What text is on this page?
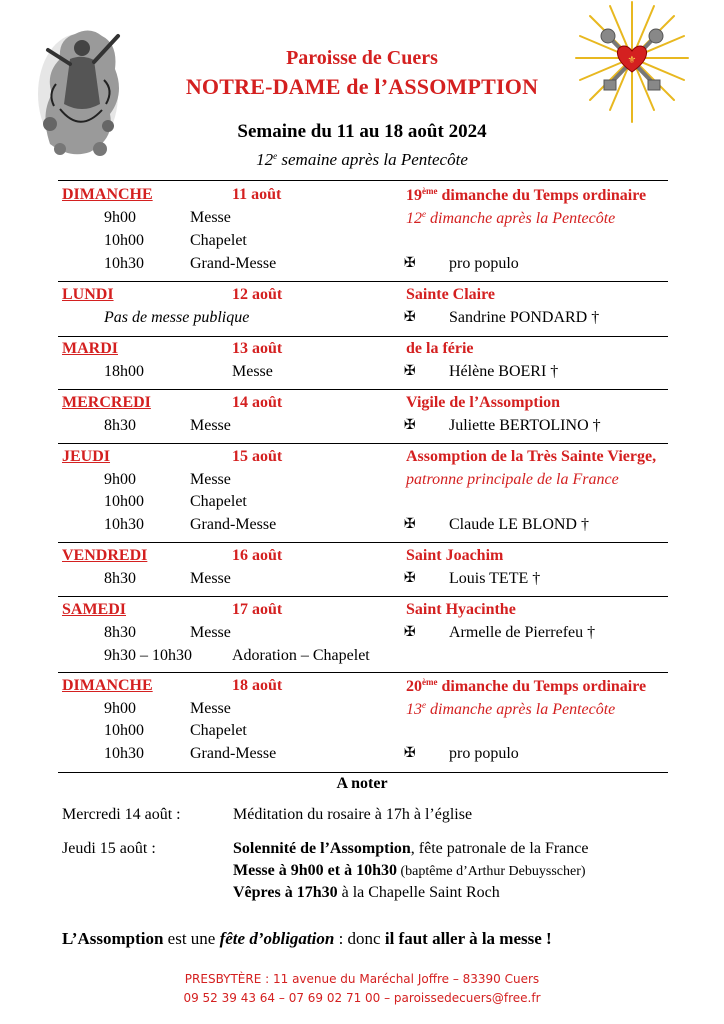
⚜
Paroisse de Cuers
NOTRE-DAME de l’ASSOMPTION
Semaine du 11 au 18 août 2024
12e semaine après la Pentecôte
DIMANCHE	11 août	19ème dimanche du Temps ordinaire
9h00	Messe	12e dimanche après la Pentecôte
10h00	Chapelet
10h30	Grand-Messe	✠ pro populo
LUNDI	12 août	Sainte Claire
Pas de messe publique	✠ Sandrine PONDARD †
MARDI	13 août	de la férie
18h00	Messe	✠ Hélène BOERI †
MERCREDI	14 août	Vigile de l’Assomption
8h30	Messe	✠ Juliette BERTOLINO †
JEUDI	15 août	Assomption de la Très Sainte Vierge,
9h00	Messe	patronne principale de la France
10h00	Chapelet
10h30	Grand-Messe	✠ Claude LE BLOND †
VENDREDI	16 août	Saint Joachim
8h30	Messe	✠ Louis TETE †
SAMEDI	17 août	Saint Hyacinthe
8h30	Messe	✠ Armelle de Pierrefeu †
9h30 – 10h30	Adoration – Chapelet
DIMANCHE	18 août	20ème dimanche du Temps ordinaire
9h00	Messe	13e dimanche après la Pentecôte
10h00	Chapelet
10h30	Grand-Messe	✠ pro populo
A noter
Mercredi 14 août :	Méditation du rosaire à 17h à l’église
Jeudi 15 août :	Solennité de l’Assomption, fête patronale de la France
Messe à 9h00 et à 10h30 (baptême d’Arthur Debuysscher)
Vêpres à 17h30 à la Chapelle Saint Roch
L’Assomption est une fête d’obligation : donc il faut aller à la messe !
PRESBYTÈRE : 11 avenue du Maréchal Joffre – 83390 Cuers
09 52 39 43 64 – 07 69 02 71 00 – paroissedecuers@free.fr
